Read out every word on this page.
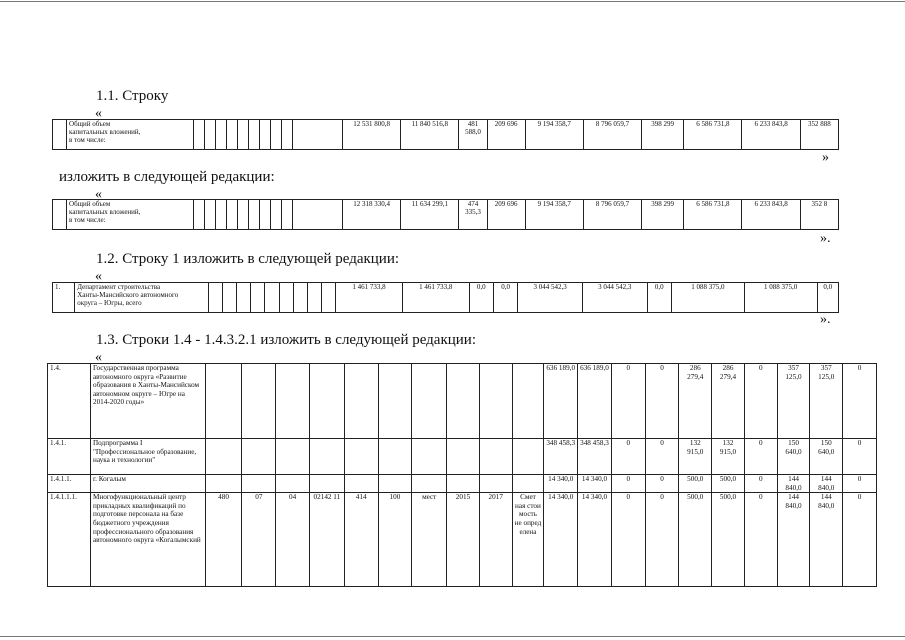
1.1. Строку
«

Общий объем
капитальных вложений,
в том числе:
											12 531 800,8	11 840 516,8	481 588,0	209 696	9 194 358,7	8 796 059,7	398 299	6 586 731,8	6 233 843,8	352 888
»
изложить в следующей редакции:
«

Общий объем
капитальных вложений,
в том числе:
											12 318 330,4	11 634 299,1	474 335,3	209 696	9 194 358,7	8 796 059,7	398 299	6 586 731,8	6 233 843,8	352 8
».
1.2. Строку 1 изложить в следующей редакции:
«
1.	Департамент строительства
Ханты-Мансийского автономного
округа – Югры, всего
										1 461 733,8	1 461 733,8	0,0	0,0	3 044 542,3	3 044 542,3	0,0	1 088 375,0	1 088 375,0	0,0
».
1.3. Строки 1.4 - 1.4.3.2.1 изложить в следующей редакции:
«
1.4.	Государственная программа автономного округа «Развитие образования в Ханты-Мансийском автономном округе – Югре на 2014-2020 годы»											636 189,0	636 189,0	0	0	286 279,4	286 279,4	0	357 125,0	357 125,0	0
1.4.1.	Подпрограмма I "Профессиональное образование, наука и технологии"											348 458,3	348 458,3	0	0	132 915,0	132 915,0	0	150 640,0	150 640,0	0
1.4.1.1.	г. Когалым											14 340,0	14 340,0	0	0	500,0	500,0	0	144 840,0	144 840,0	0
1.4.1.1.1.	Многофункциональный центр прикладных квалификаций по подготовке персонала на базе бюджетного учреждения профессионального образования автономного округа «Когалымский	480	07	04	02142 11	414	100	мест	2015	2017	Смет ная стои мость не опред елена	14 340,0	14 340,0	0	0	500,0	500,0	0	144 840,0	144 840,0	0
